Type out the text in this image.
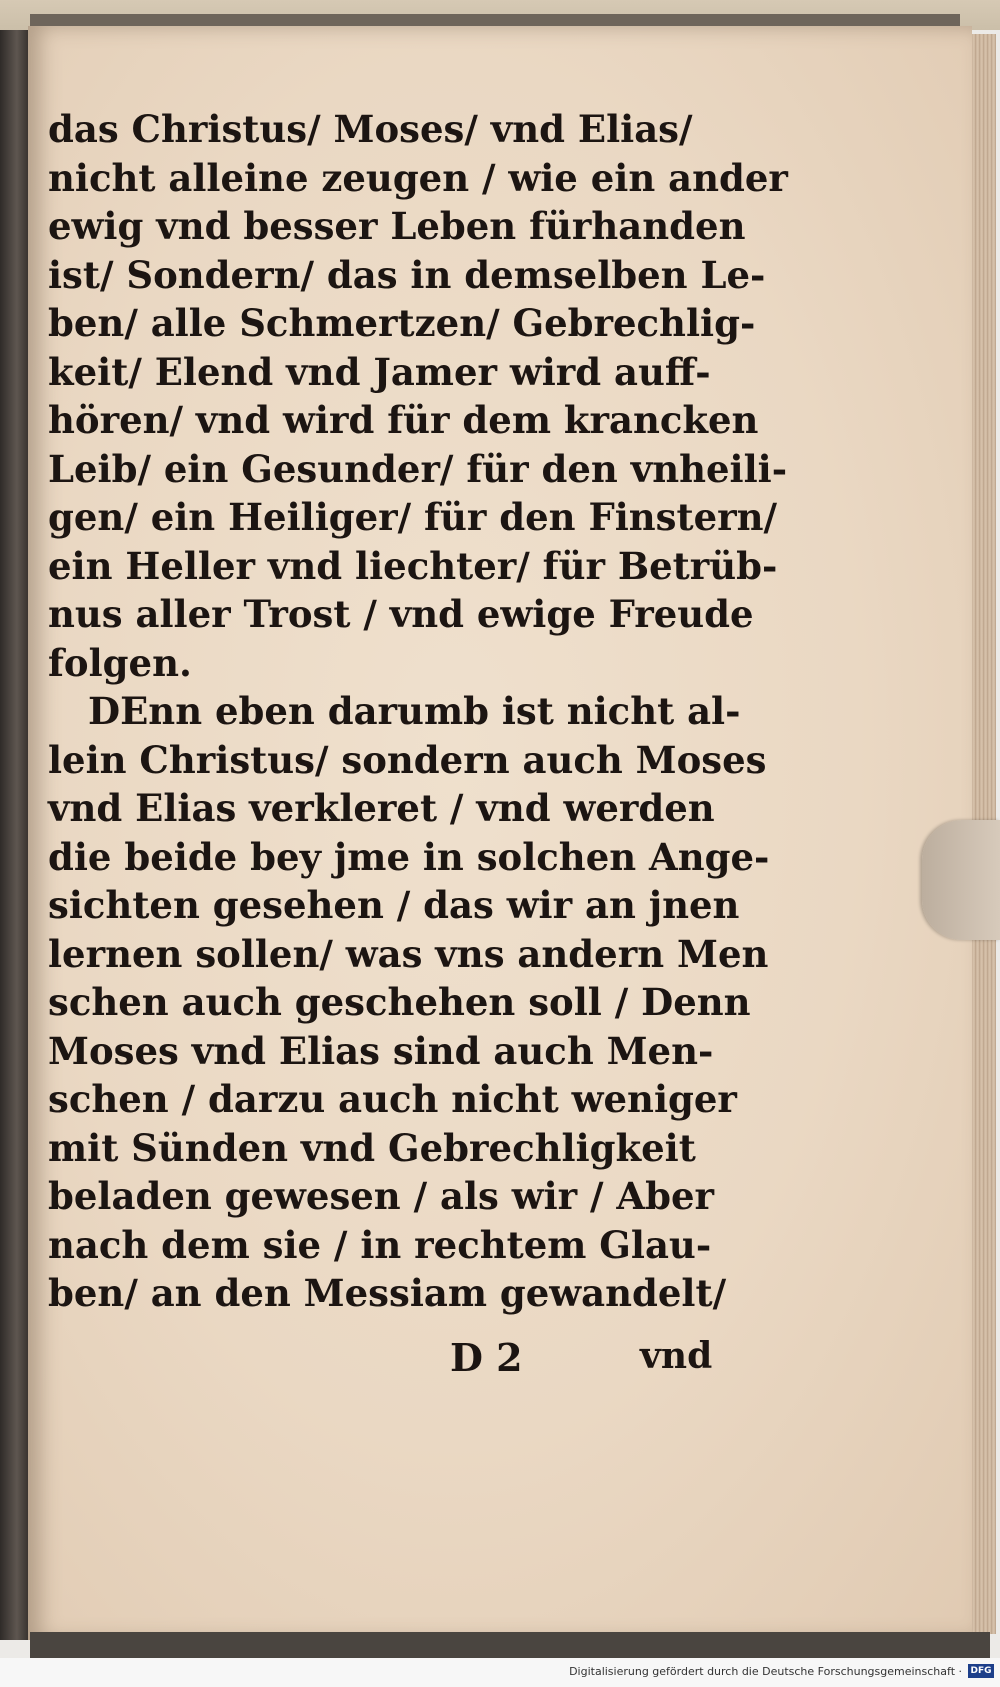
das Christus/ Moses/ vnd Elias/
nicht alleine zeugen / wie ein ander
ewig vnd besser Leben fürhanden
ist/ Sondern/ das in demselben Le-
ben/ alle Schmertzen/ Gebrechlig-
keit/ Elend vnd Jamer wird auff-
hören/ vnd wird für dem krancken
Leib/ ein Gesunder/ für den vnheili-
gen/ ein Heiliger/ für den Finstern/
ein Heller vnd liechter/ für Betrüb-
nus aller Trost / vnd ewige Freude
folgen.
DEnn eben darumb ist nicht al-
lein Christus/ sondern auch Moses
vnd Elias verkleret / vnd werden
die beide bey jme in solchen Ange-
sichten gesehen / das wir an jnen
lernen sollen/ was vns andern Men
schen auch geschehen soll / Denn
Moses vnd Elias sind auch Men-
schen / darzu auch nicht weniger
mit Sünden vnd Gebrechligkeit
beladen gewesen / als wir / Aber
nach dem sie / in rechtem Glau-
ben/ an den Messiam gewandelt/
D 2	vnd
Digitalisierung gefördert durch die Deutsche Forschungsgemeinschaft · DFG
